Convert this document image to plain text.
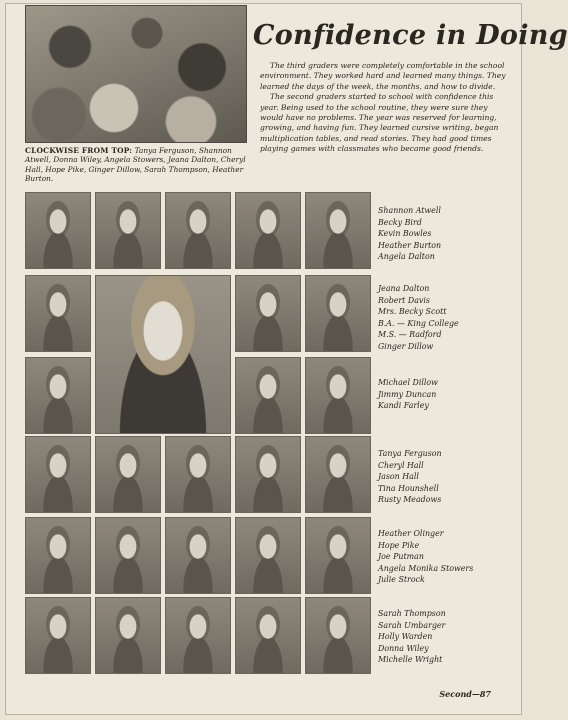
CLOCKWISE FROM TOP: Tanya Ferguson, Shannon Atwell, Donna Wiley, Angela Stowers, Jeana Dalton, Cheryl Hall, Hope Pike, Ginger Dillow, Sarah Thompson, Heather Burton.
Confidence in Doing

The third graders were completely comfortable in the school environment. They worked hard and learned many things. They learned the days of the week, the months, and how to divide.

The second graders started to school with confidence this year. Being used to the school routine, they were sure they would have no problems. The year was reserved for learning, growing, and having fun. They learned cursive writing, began multiplication tables, and read stories. They had good times playing games with classmates who became good friends.

Shannon Atwell
Becky Bird
Kevin Bowles
Heather Burton
Angela Dalton
Jeana Dalton
Robert Davis
Mrs. Becky Scott
B.A. — King College
M.S. — Radford
Ginger Dillow
Michael Dillow
Jimmy Duncan
Kandi Farley
Tanya Ferguson
Cheryl Hall
Jason Hall
Tina Hounshell
Rusty Meadows
Heather Olinger
Hope Pike
Joe Putman
Angela Monika Stowers
Julie Strock
Sarah Thompson
Sarah Umbarger
Holly Warden
Donna Wiley
Michelle Wright
Second—87
